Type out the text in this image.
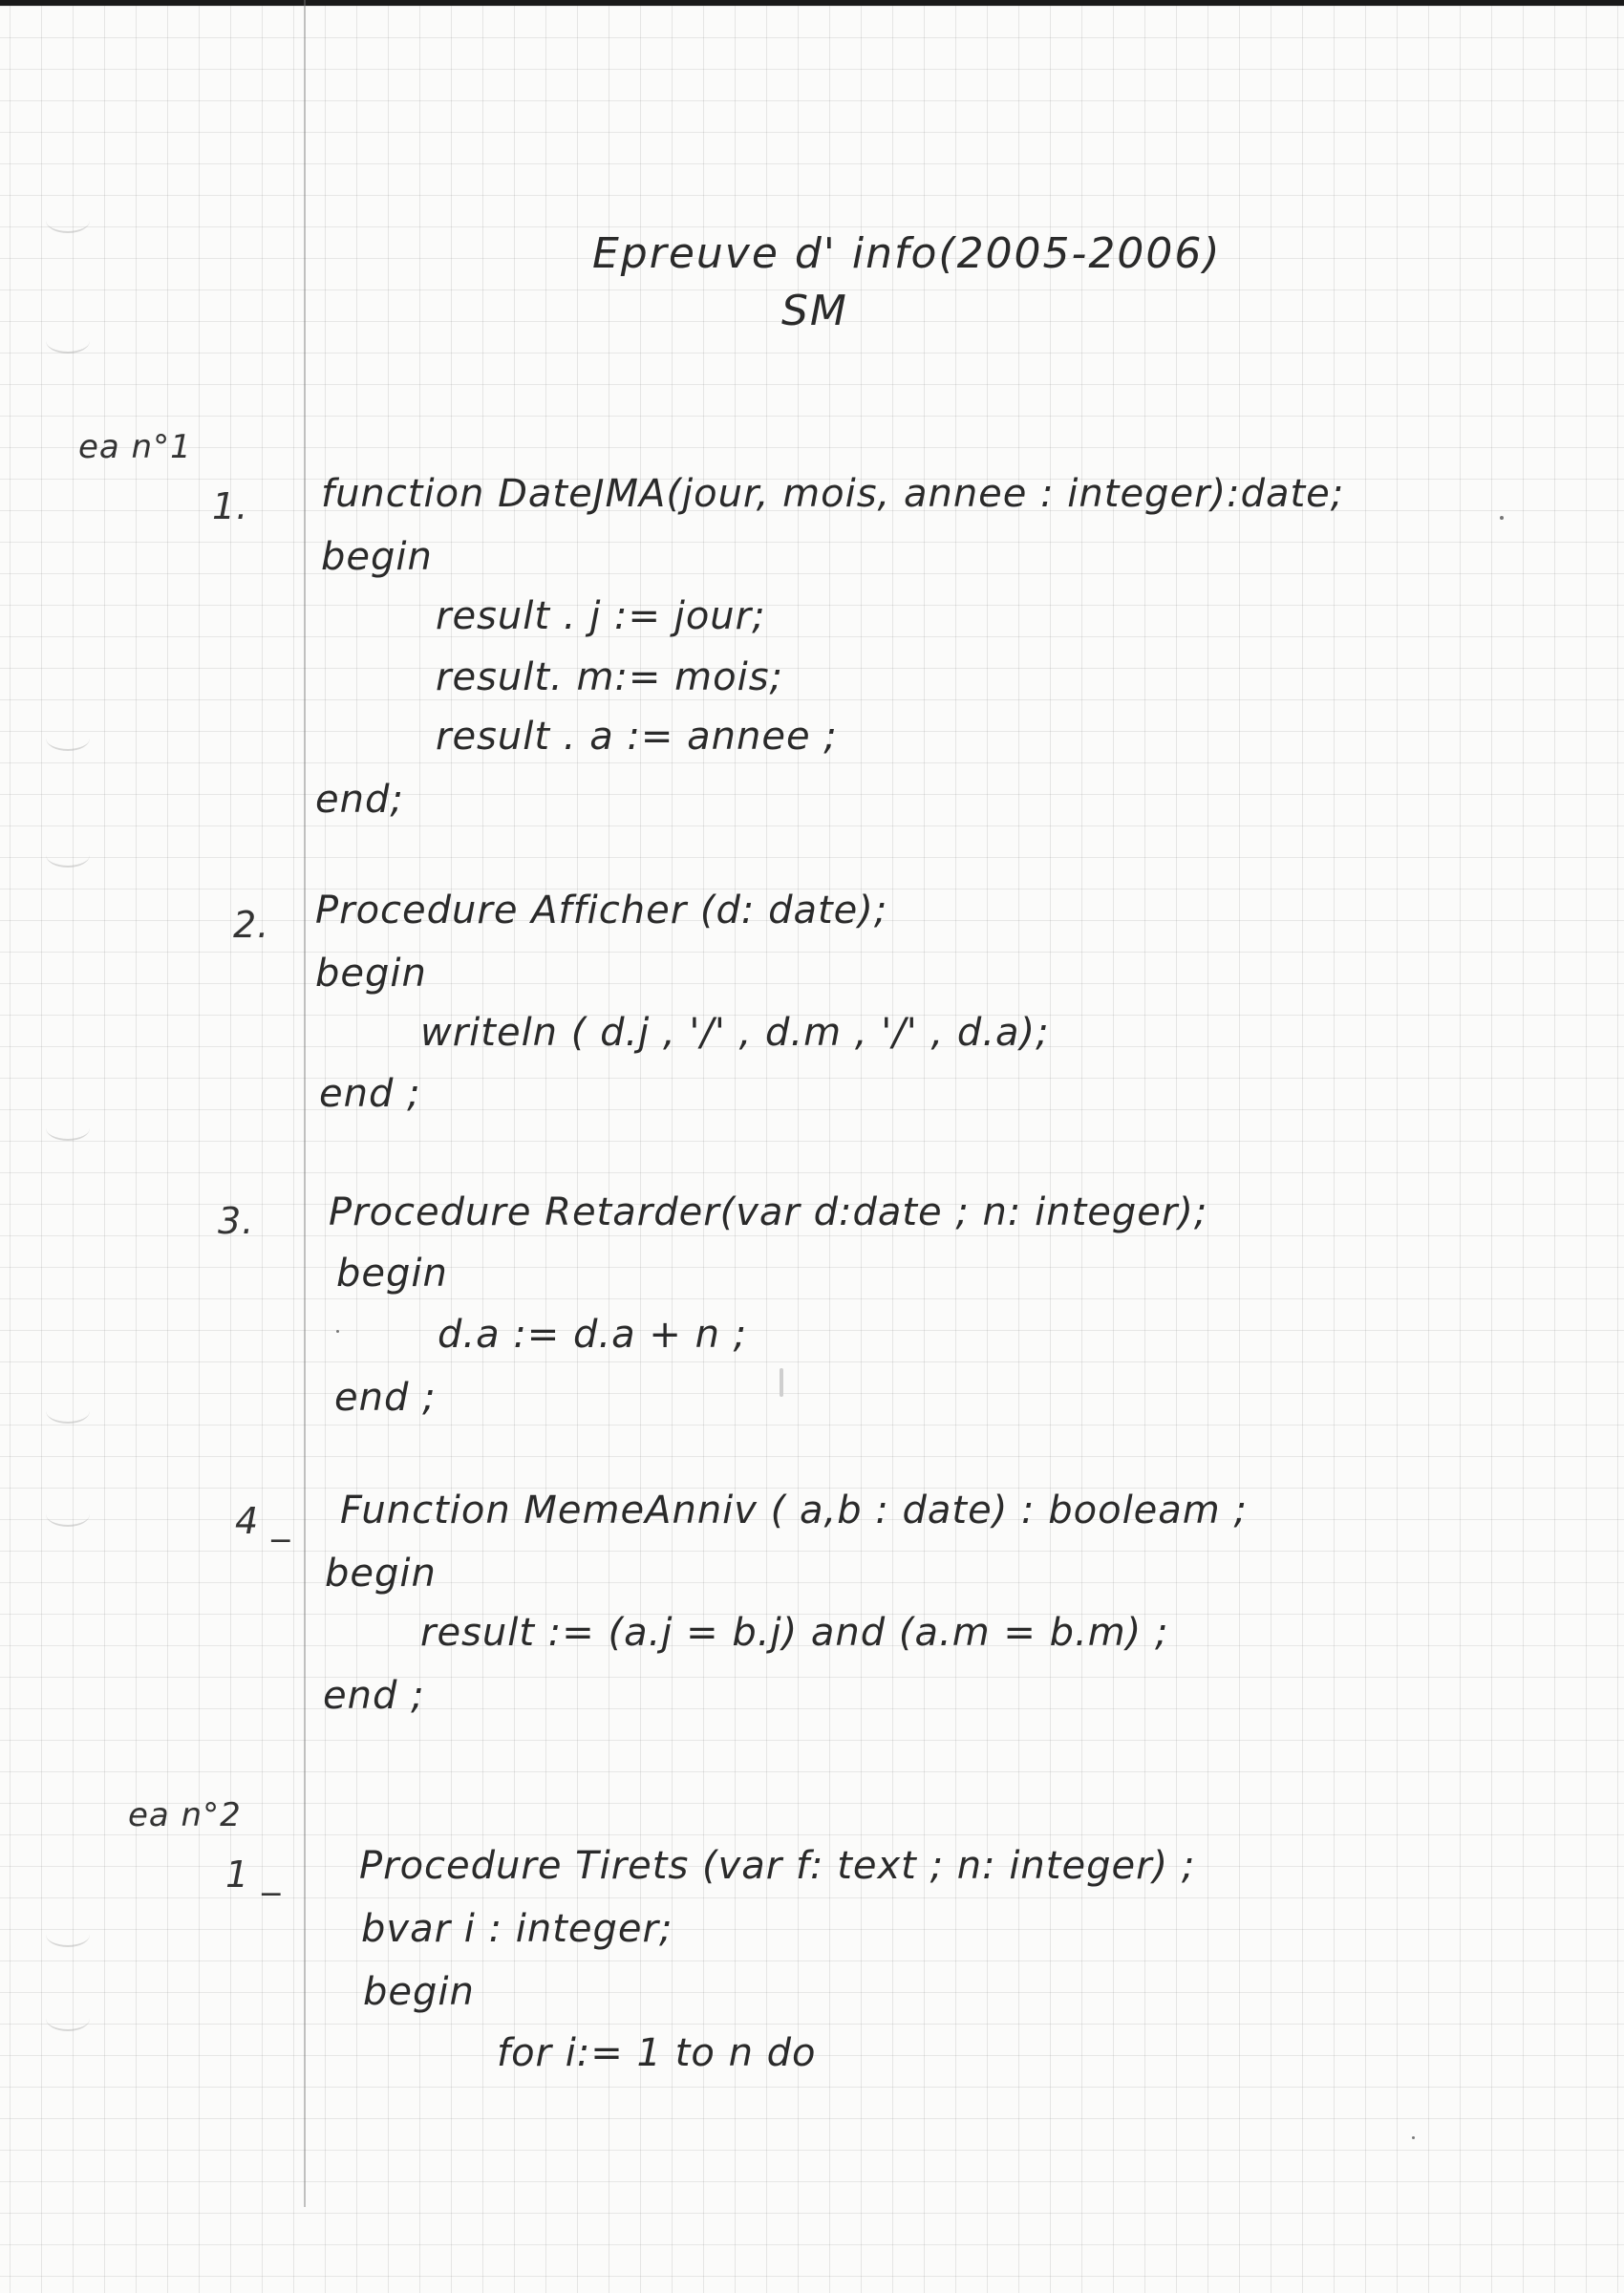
Epreuve d' info(2005-2006)
SM
ea n°1
1. function DateJMA(jour, mois, annee : integer):date;
begin
result . j := jour;
result. m:= mois;
result . a := annee ;
end;
2. Procedure Afficher (d: date);
begin
writeln ( d.j , '/' , d.m , '/' , d.a);
end ;
3. Procedure Retarder(var d:date ; n: integer);
begin
d.a := d.a + n ;
end ;
4 _ Function MemeAnniv ( a,b : date) : booleam ;
begin
result := (a.j = b.j) and (a.m = b.m) ;
end ;
ea n°2
1 _ Procedure Tirets (var f: text ; n: integer) ;
bvar i : integer;
begin
for i:= 1 to n do
